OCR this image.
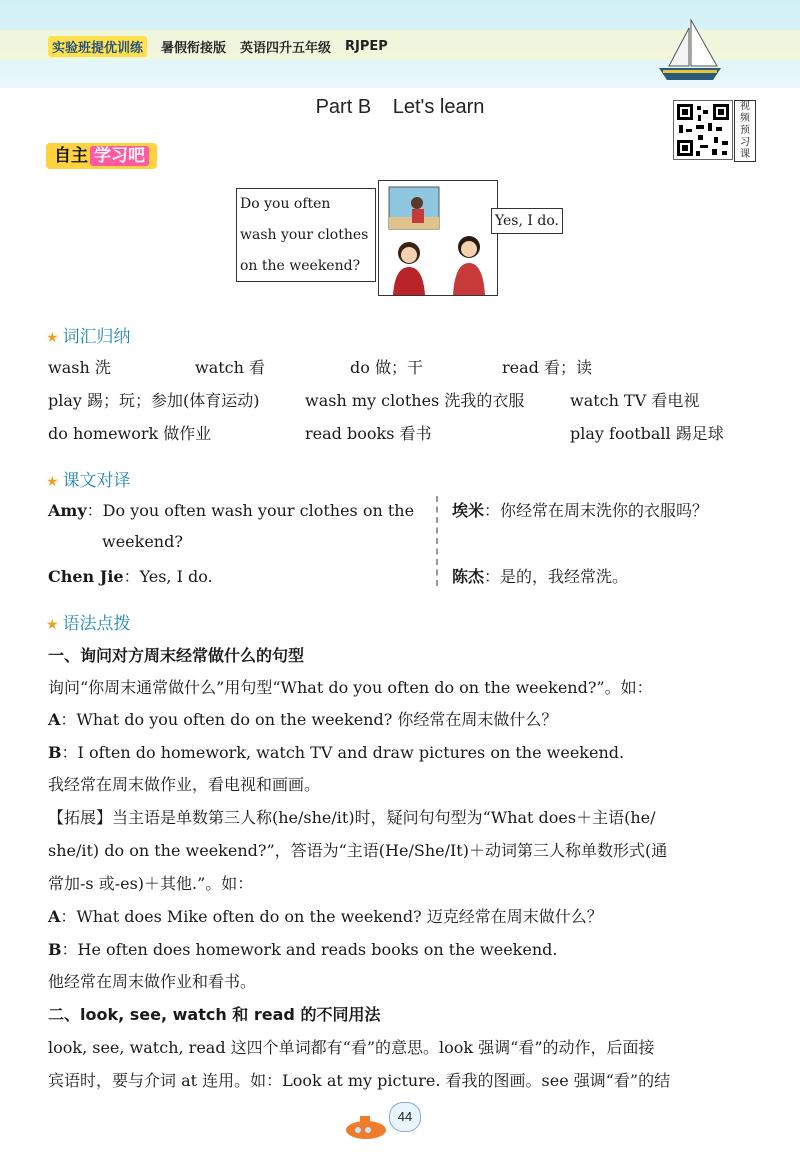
实验班提优训练	暑假衔接版 英语四升五年级 RJPEP
Part B Let's learn	视
频
预
习
课
自主 学习吧
Do you often
wash your clothes
on the weekend?
Yes, I do.
★ 词汇归纳
wash 洗	watch 看	do 做；干	read 看；读
play 踢；玩；参加(体育运动)	wash my clothes 洗我的衣服	watch TV 看电视
do homework 做作业	read books 看书	play football 踢足球
★ 课文对译
Amy：Do you often wash your clothes on the
weekend?
Chen Jie：Yes, I do.
埃米：你经常在周末洗你的衣服吗？
陈杰：是的，我经常洗。
★ 语法点拨
一、询问对方周末经常做什么的句型
询问“你周末通常做什么”用句型“What do you often do on the weekend?”。如：
A：What do you often do on the weekend? 你经常在周末做什么？
B：I often do homework, watch TV and draw pictures on the weekend.
我经常在周末做作业，看电视和画画。
【拓展】当主语是单数第三人称(he/she/it)时，疑问句句型为“What does＋主语(he/
she/it) do on the weekend?”，答语为“主语(He/She/It)＋动词第三人称单数形式(通
常加-s 或-es)＋其他.”。如：
A：What does Mike often do on the weekend? 迈克经常在周末做什么？
B：He often does homework and reads books on the weekend.
他经常在周末做作业和看书。
二、look, see, watch 和 read 的不同用法
look, see, watch, read 这四个单词都有“看”的意思。look 强调“看”的动作，后面接
宾语时，要与介词 at 连用。如：Look at my picture. 看我的图画。see 强调“看”的结
44
